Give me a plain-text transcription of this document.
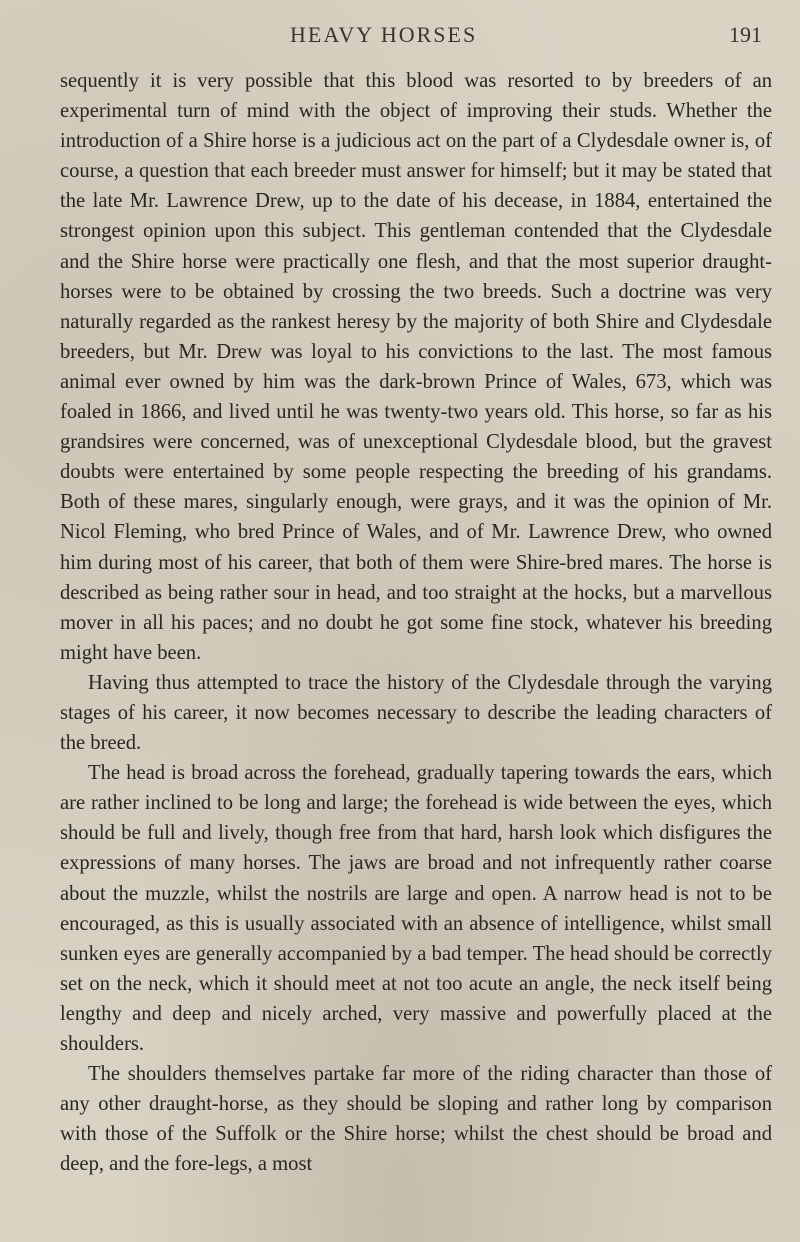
HEAVY HORSES	191

sequently it is very possible that this blood was resorted to by breeders of an experimental turn of mind with the object of improving their studs. Whether the introduction of a Shire horse is a judicious act on the part of a Clydesdale owner is, of course, a question that each breeder must answer for himself; but it may be stated that the late Mr. Lawrence Drew, up to the date of his decease, in 1884, entertained the strongest opinion upon this subject. This gentleman contended that the Clydesdale and the Shire horse were practically one flesh, and that the most superior draught-horses were to be obtained by crossing the two breeds. Such a doctrine was very naturally regarded as the rankest heresy by the majority of both Shire and Clydesdale breeders, but Mr. Drew was loyal to his convictions to the last. The most famous animal ever owned by him was the dark-brown Prince of Wales, 673, which was foaled in 1866, and lived until he was twenty-two years old. This horse, so far as his grandsires were concerned, was of unexceptional Clydesdale blood, but the gravest doubts were entertained by some people respecting the breeding of his grandams. Both of these mares, singularly enough, were grays, and it was the opinion of Mr. Nicol Fleming, who bred Prince of Wales, and of Mr. Lawrence Drew, who owned him during most of his career, that both of them were Shire-bred mares. The horse is described as being rather sour in head, and too straight at the hocks, but a marvellous mover in all his paces; and no doubt he got some fine stock, whatever his breeding might have been.

Having thus attempted to trace the history of the Clydesdale through the varying stages of his career, it now becomes necessary to describe the leading characters of the breed.

The head is broad across the forehead, gradually tapering towards the ears, which are rather inclined to be long and large; the forehead is wide between the eyes, which should be full and lively, though free from that hard, harsh look which disfigures the expressions of many horses. The jaws are broad and not infrequently rather coarse about the muzzle, whilst the nostrils are large and open. A narrow head is not to be encouraged, as this is usually associated with an absence of intelligence, whilst small sunken eyes are generally accompanied by a bad temper. The head should be correctly set on the neck, which it should meet at not too acute an angle, the neck itself being lengthy and deep and nicely arched, very massive and powerfully placed at the shoulders.

The shoulders themselves partake far more of the riding character than those of any other draught-horse, as they should be sloping and rather long by comparison with those of the Suffolk or the Shire horse; whilst the chest should be broad and deep, and the fore-legs, a most
